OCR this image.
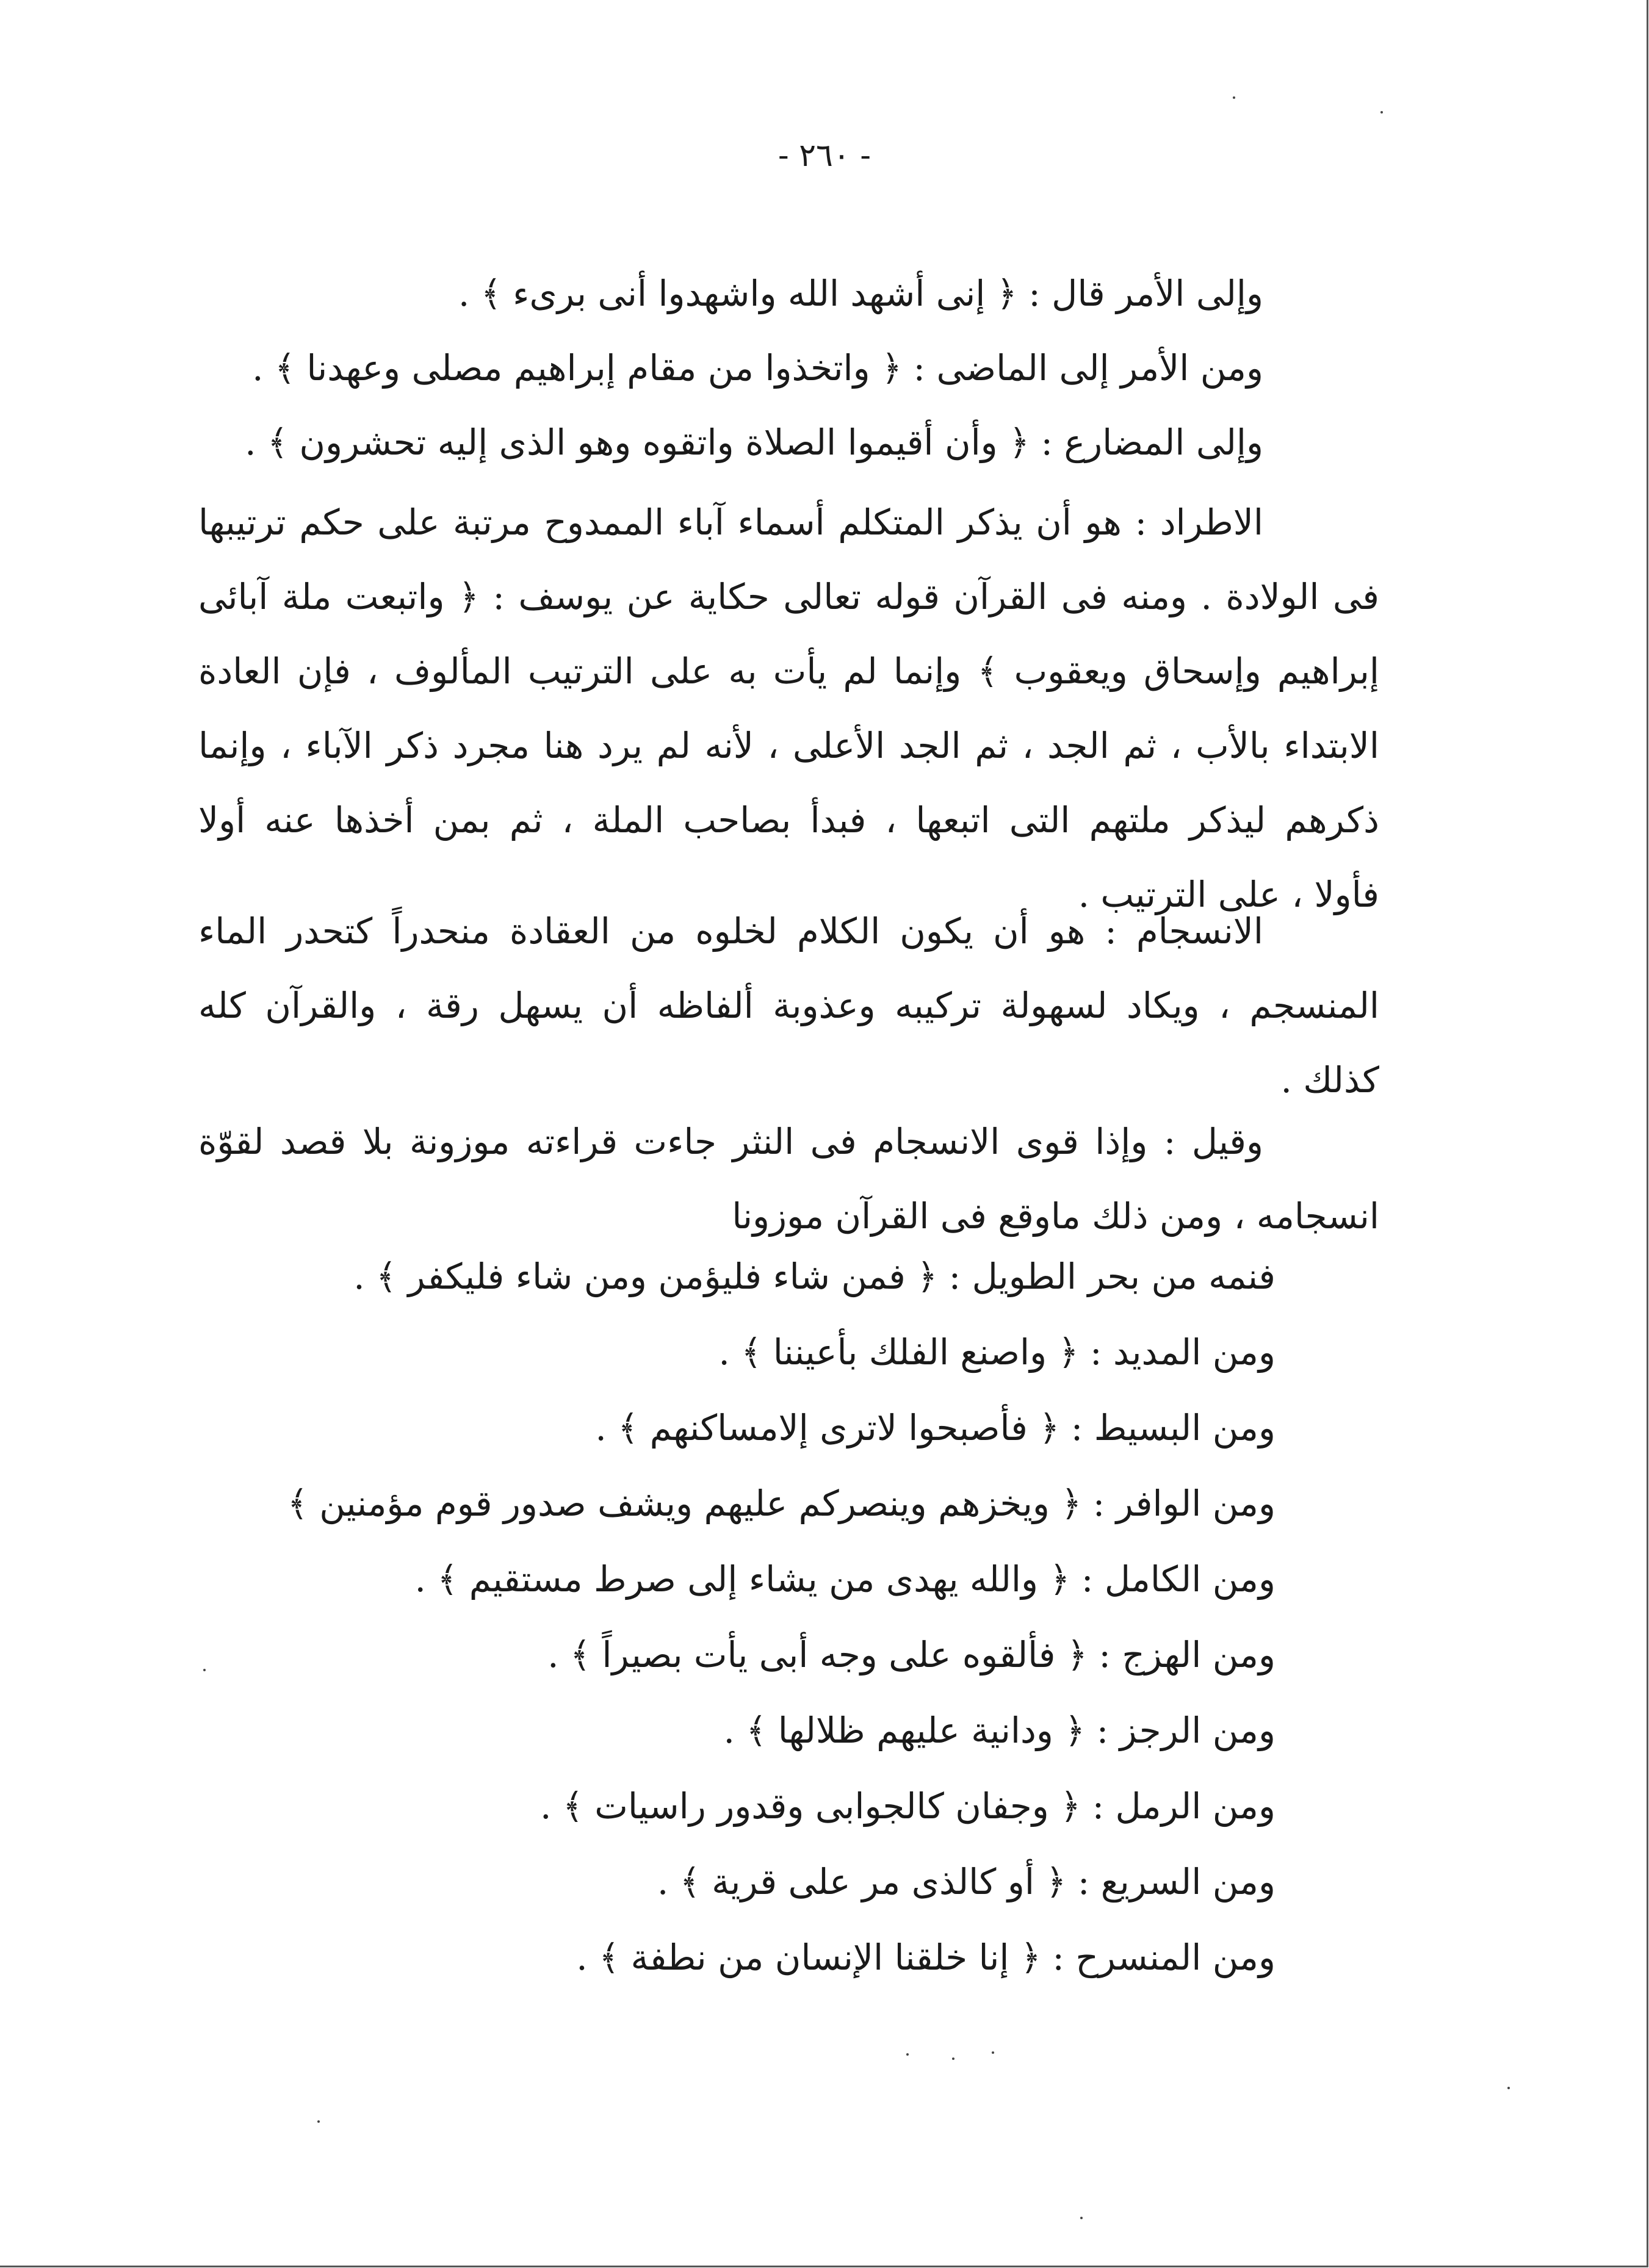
- ٢٦٠ -
وإلى الأمر قال : ﴿ إنى أشهد الله واشهدوا أنى برىء ﴾ .
ومن الأمر إلى الماضى : ﴿ واتخذوا من مقام إبراهيم مصلى وعهدنا ﴾ .
وإلى المضارع : ﴿ وأن أقيموا الصلاة واتقوه وهو الذى إليه تحشرون ﴾ .
الاطراد : هو أن يذكر المتكلم أسماء آباء الممدوح مرتبة على حكم ترتيبها
فى الولادة . ومنه فى القرآن قوله تعالى حكاية عن يوسف : ﴿ واتبعت ملة آبائى
إبراهيم وإسحاق ويعقوب ﴾ وإنما لم يأت به على الترتيب المألوف ، فإن العادة
الابتداء بالأب ، ثم الجد ، ثم الجد الأعلى ، لأنه لم يرد هنا مجرد ذكر الآباء ، وإنما
ذكرهم ليذكر ملتهم التى اتبعها ، فبدأ بصاحب الملة ، ثم بمن أخذها عنه أولا
فأولا ، على الترتيب .
الانسجام : هو أن يكون الكلام لخلوه من العقادة منحدراً كتحدر الماء
المنسجم ، ويكاد لسهولة تركيبه وعذوبة ألفاظه أن يسهل رقة ، والقرآن كله
كذلك .
وقيل : وإذا قوى الانسجام فى النثر جاءت قراءته موزونة بلا قصد لقوّة
انسجامه ، ومن ذلك ماوقع فى القرآن موزونا
فنمه من بحر الطويل : ﴿ فمن شاء فليؤمن ومن شاء فليكفر ﴾ .
ومن المديد : ﴿ واصنع الفلك بأعيننا ﴾ .
ومن البسيط : ﴿ فأصبحوا لاترى إلامساكنهم ﴾ .
ومن الوافر : ﴿ ويخزهم وينصركم عليهم ويشف صدور قوم مؤمنين ﴾
ومن الكامل : ﴿ والله يهدى من يشاء إلى صرط مستقيم ﴾ .
ومن الهزج : ﴿ فألقوه على وجه أبى يأت بصيراً ﴾ .
ومن الرجز : ﴿ ودانية عليهم ظلالها ﴾ .
ومن الرمل : ﴿ وجفان كالجوابى وقدور راسيات ﴾ .
ومن السريع : ﴿ أو كالذى مر على قرية ﴾ .
ومن المنسرح : ﴿ إنا خلقنا الإنسان من نطفة ﴾ .
